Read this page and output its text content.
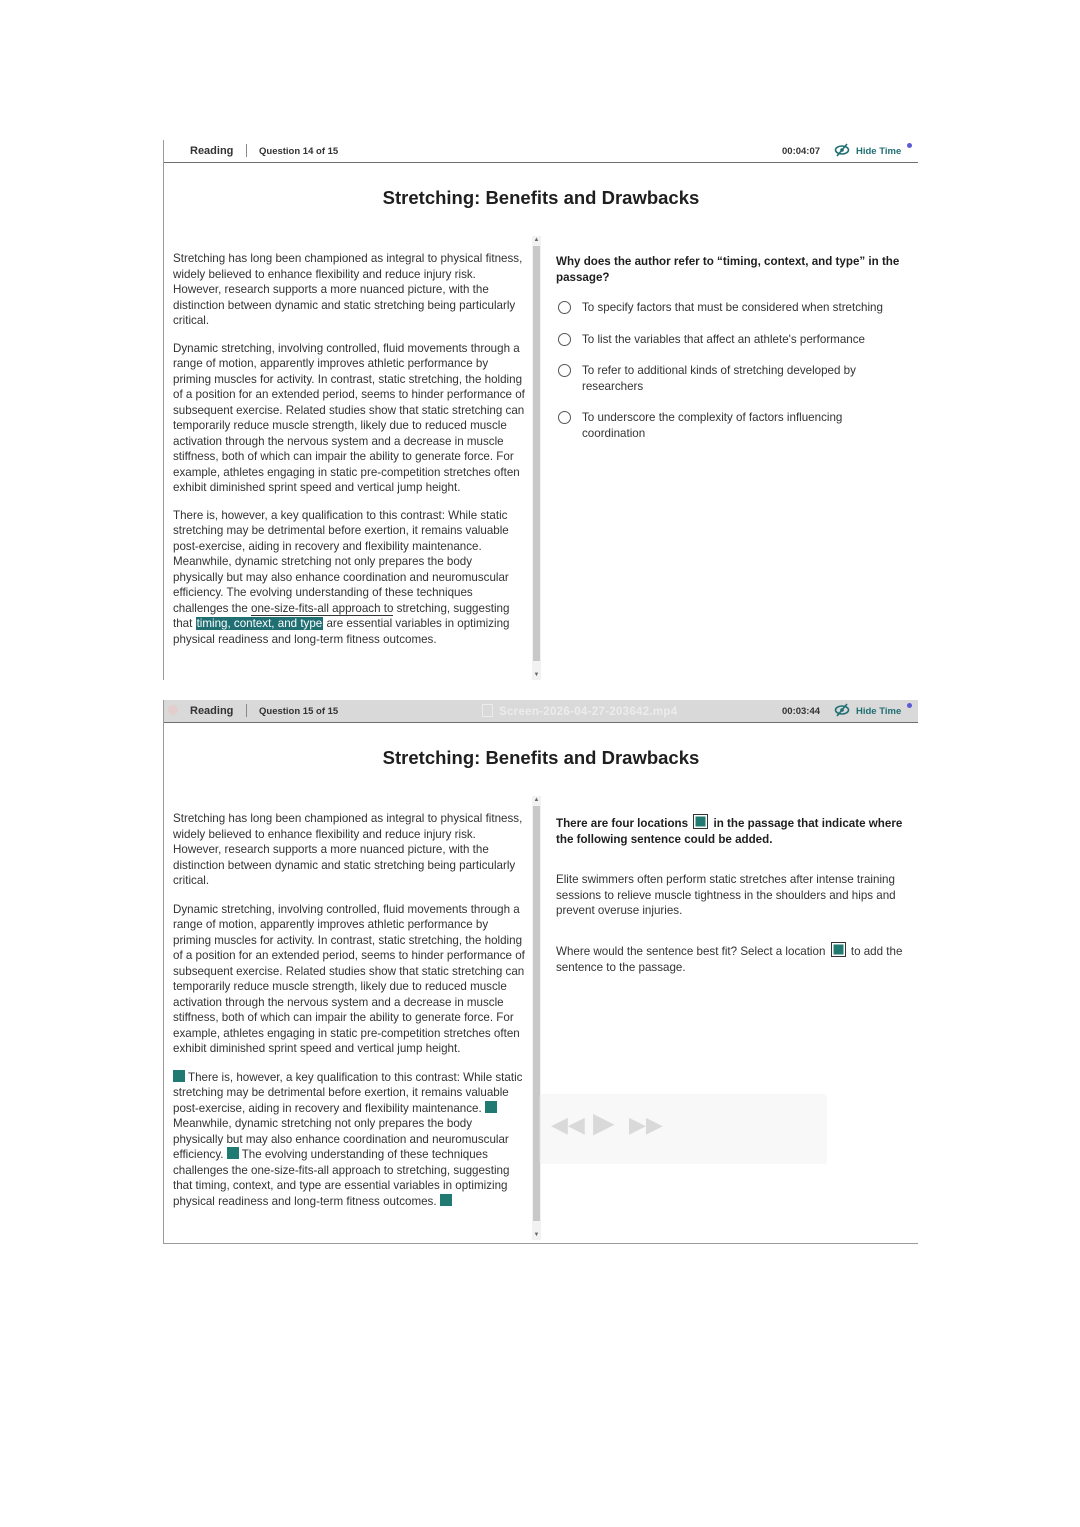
Reading	Question 14 of 15	00:04:07	Hide Time
Stretching: Benefits and Drawbacks

Stretching has long been championed as integral to physical fitness, widely believed to enhance flexibility and reduce injury risk. However, research supports a more nuanced picture, with the distinction between dynamic and static stretching being particularly critical.

Dynamic stretching, involving controlled, fluid movements through a range of motion, apparently improves athletic performance by priming muscles for activity. In contrast, static stretching, the holding of a position for an extended period, seems to hinder performance of subsequent exercise. Related studies show that static stretching can temporarily reduce muscle strength, likely due to reduced muscle activation through the nervous system and a decrease in muscle stiffness, both of which can impair the ability to generate force. For example, athletes engaging in static pre-competition stretches often exhibit diminished sprint speed and vertical jump height.

There is, however, a key qualification to this contrast: While static stretching may be detrimental before exertion, it remains valuable post-exercise, aiding in recovery and flexibility maintenance. Meanwhile, dynamic stretching not only prepares the body physically but may also enhance coordination and neuromuscular efficiency. The evolving understanding of these techniques challenges the one-size-fits-all approach to stretching, suggesting that timing, context, and type are essential variables in optimizing physical readiness and long-term fitness outcomes.

▲
▼
Why does the author refer to “timing, context, and type” in the passage?
To specify factors that must be considered when stretching
To list the variables that affect an athlete's performance
To refer to additional kinds of stretching developed by researchers
To underscore the complexity of factors influencing coordination
Reading	Question 15 of 15	Screen-2026-04-27-203642.mp4	00:03:44	Hide Time
Stretching: Benefits and Drawbacks

Stretching has long been championed as integral to physical fitness, widely believed to enhance flexibility and reduce injury risk. However, research supports a more nuanced picture, with the distinction between dynamic and static stretching being particularly critical.

Dynamic stretching, involving controlled, fluid movements through a range of motion, apparently improves athletic performance by priming muscles for activity. In contrast, static stretching, the holding of a position for an extended period, seems to hinder performance of subsequent exercise. Related studies show that static stretching can temporarily reduce muscle strength, likely due to reduced muscle activation through the nervous system and a decrease in muscle stiffness, both of which can impair the ability to generate force. For example, athletes engaging in static pre-competition stretches often exhibit diminished sprint speed and vertical jump height.

There is, however, a key qualification to this contrast: While static stretching may be detrimental before exertion, it remains valuable post-exercise, aiding in recovery and flexibility maintenance. Meanwhile, dynamic stretching not only prepares the body physically but may also enhance coordination and neuromuscular efficiency. The evolving understanding of these techniques challenges the one-size-fits-all approach to stretching, suggesting that timing, context, and type are essential variables in optimizing physical readiness and long-term fitness outcomes.

▲
▼
There are four locations  in the passage that indicate where the following sentence could be added.
Elite swimmers often perform static stretches after intense training sessions to relieve muscle tightness in the shoulders and hips and prevent overuse injuries.
Where would the sentence best fit? Select a location  to add the sentence to the passage.
◀◀ ▶ ▶▶
